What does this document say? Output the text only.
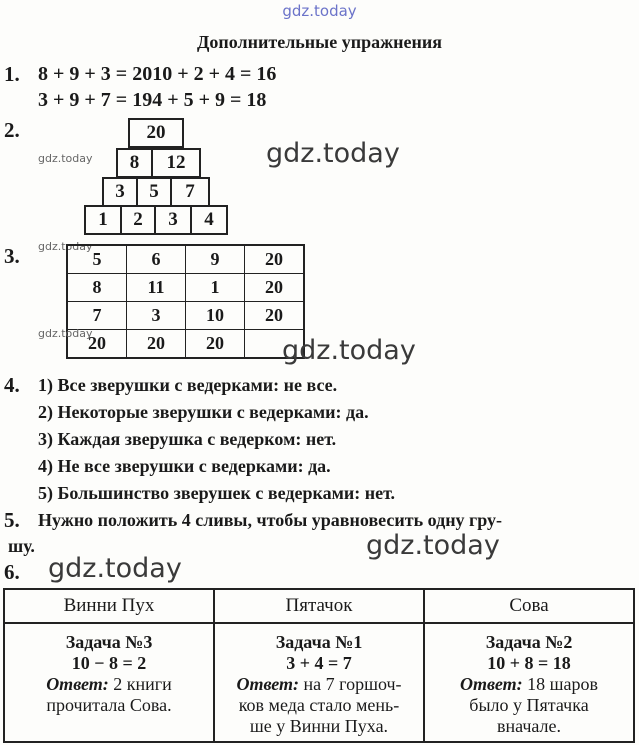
gdz.today
Дополнительные упражнения
1. 8 + 9 + 3 = 2010 + 2 + 4 = 16
3 + 9 + 7 = 194 + 5 + 9 = 18
2.	20
8	12
3	5	7
1	2	3	4
gdz.today	gdz.today
3. gdz.today
5	6	9	20
8	11	1	20
7	3	10	20
20	20	20	
gdz.today
gdz.today
4. 1) Все зверушки с ведерками: не все.
2) Некоторые зверушки с ведерками: да.
3) Каждая зверушка с ведерком: нет.
4) Не все зверушки с ведерками: да.
5) Большинство зверушек с ведерками: нет.
5. Нужно положить 4 сливы, чтобы уравновесить одну гру-
шу.	gdz.today
6. gdz.today
Винни Пух	Пятачок	Сова

Задача №3
10 − 8 = 2
Ответ: 2 книги
прочитала Сова.	Задача №1
3 + 4 = 7
Ответ: на 7 горшоч-
ков меда стало мень-
ше у Винни Пуха.	Задача №2
10 + 8 = 18
Ответ: 18 шаров
было у Пятачка
вначале.
